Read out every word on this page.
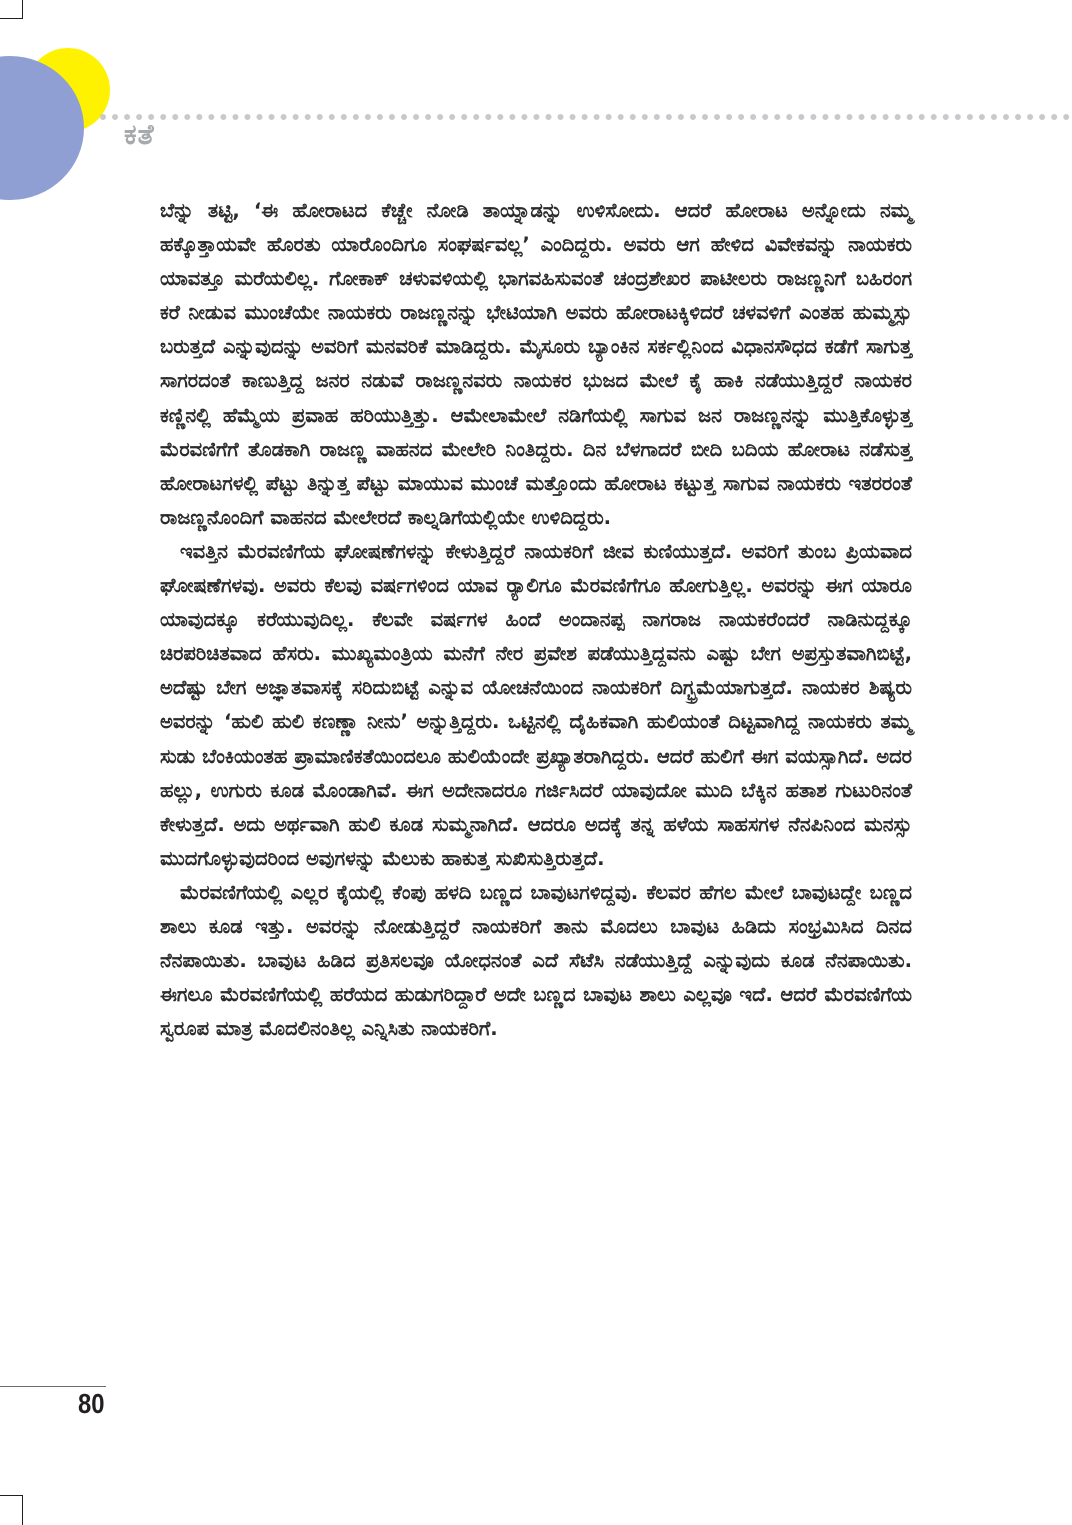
ಕತೆ

ಬೆನ್ನು ತಟ್ಟಿ, ‘ಈ ಹೋರಾಟದ ಕೆಚ್ಚೇ ನೋಡಿ ತಾಯ್ನಾಡನ್ನು ಉಳಿಸೋದು. ಆದರೆ ಹೋರಾಟ ಅನ್ನೋದು ನಮ್ಮ ಹಕ್ಕೊತ್ತಾಯವೇ ಹೊರತು ಯಾರೊಂದಿಗೂ ಸಂಘರ್ಷವಲ್ಲ’ ಎಂದಿದ್ದರು. ಅವರು ಆಗ ಹೇಳಿದ ವಿವೇಕವನ್ನು ನಾಯಕರು ಯಾವತ್ತೂ ಮರೆಯಲಿಲ್ಲ. ಗೋಕಾಕ್ ಚಳುವಳಿಯಲ್ಲಿ ಭಾಗವಹಿಸುವಂತೆ ಚಂದ್ರಶೇಖರ ಪಾಟೀಲರು ರಾಜಣ್ಣನಿಗೆ ಬಹಿರಂಗ ಕರೆ ನೀಡುವ ಮುಂಚೆಯೇ ನಾಯಕರು ರಾಜಣ್ಣನನ್ನು ಭೇಟಿಯಾಗಿ ಅವರು ಹೋರಾಟಕ್ಕಿಳಿದರೆ ಚಳವಳಿಗೆ ಎಂತಹ ಹುಮ್ಮಸ್ಸು ಬರುತ್ತದೆ ಎನ್ನುವುದನ್ನು ಅವರಿಗೆ ಮನವರಿಕೆ ಮಾಡಿದ್ದರು. ಮೈಸೂರು ಬ್ಯಾಂಕಿನ ಸರ್ಕಲ್ಲಿನಿಂದ ವಿಧಾನಸೌಧದ ಕಡೆಗೆ ಸಾಗುತ್ತ ಸಾಗರದಂತೆ ಕಾಣುತ್ತಿದ್ದ ಜನರ ನಡುವೆ ರಾಜಣ್ಣನವರು ನಾಯಕರ ಭುಜದ ಮೇಲೆ ಕೈ ಹಾಕಿ ನಡೆಯುತ್ತಿದ್ದರೆ ನಾಯಕರ ಕಣ್ಣಿನಲ್ಲಿ ಹೆಮ್ಮೆಯ ಪ್ರವಾಹ ಹರಿಯುತ್ತಿತ್ತು. ಆಮೇಲಾಮೇಲೆ ನಡಿಗೆಯಲ್ಲಿ ಸಾಗುವ ಜನ ರಾಜಣ್ಣನನ್ನು ಮುತ್ತಿಕೊಳ್ಳುತ್ತ ಮೆರವಣಿಗೆಗೆ ತೊಡಕಾಗಿ ರಾಜಣ್ಣ ವಾಹನದ ಮೇಲೇರಿ ನಿಂತಿದ್ದರು. ದಿನ ಬೆಳಗಾದರೆ ಬೀದಿ ಬದಿಯ ಹೋರಾಟ ನಡೆಸುತ್ತ ಹೋರಾಟಗಳಲ್ಲಿ ಪೆಟ್ಟು ತಿನ್ನುತ್ತ ಪೆಟ್ಟು ಮಾಯುವ ಮುಂಚೆ ಮತ್ತೊಂದು ಹೋರಾಟ ಕಟ್ಟುತ್ತ ಸಾಗುವ ನಾಯಕರು ಇತರರಂತೆ ರಾಜಣ್ಣನೊಂದಿಗೆ ವಾಹನದ ಮೇಲೇರದೆ ಕಾಲ್ನಡಿಗೆಯಲ್ಲಿಯೇ ಉಳಿದಿದ್ದರು.

ಇವತ್ತಿನ ಮೆರವಣಿಗೆಯ ಘೋಷಣೆಗಳನ್ನು ಕೇಳುತ್ತಿದ್ದರೆ ನಾಯಕರಿಗೆ ಜೀವ ಕುಣಿಯುತ್ತದೆ. ಅವರಿಗೆ ತುಂಬ ಪ್ರಿಯವಾದ ಘೋಷಣೆಗಳವು. ಅವರು ಕೆಲವು ವರ್ಷಗಳಿಂದ ಯಾವ ರ್‍ಯಾಲಿಗೂ ಮೆರವಣಿಗೆಗೂ ಹೋಗುತ್ತಿಲ್ಲ. ಅವರನ್ನು ಈಗ ಯಾರೂ ಯಾವುದಕ್ಕೂ ಕರೆಯುವುದಿಲ್ಲ. ಕೆಲವೇ ವರ್ಷಗಳ ಹಿಂದೆ ಅಂದಾನಪ್ಪ ನಾಗರಾಜ ನಾಯಕರೆಂದರೆ ನಾಡಿನುದ್ದಕ್ಕೂ ಚಿರಪರಿಚಿತವಾದ ಹೆಸರು. ಮುಖ್ಯಮಂತ್ರಿಯ ಮನೆಗೆ ನೇರ ಪ್ರವೇಶ ಪಡೆಯುತ್ತಿದ್ದವನು ಎಷ್ಟು ಬೇಗ ಅಪ್ರಸ್ತುತವಾಗಿಬಿಟ್ಟೆ, ಅದೆಷ್ಟು ಬೇಗ ಅಜ್ಞಾತವಾಸಕ್ಕೆ ಸರಿದುಬಿಟ್ಟೆ ಎನ್ನುವ ಯೋಚನೆಯಿಂದ ನಾಯಕರಿಗೆ ದಿಗ್ಭ್ರಮೆಯಾಗುತ್ತದೆ. ನಾಯಕರ ಶಿಷ್ಯರು ಅವರನ್ನು ‘ಹುಲಿ ಹುಲಿ ಕಣಣ್ಣಾ ನೀನು’ ಅನ್ನುತ್ತಿದ್ದರು. ಒಟ್ಟಿನಲ್ಲಿ ದೈಹಿಕವಾಗಿ ಹುಲಿಯಂತೆ ದಿಟ್ಟವಾಗಿದ್ದ ನಾಯಕರು ತಮ್ಮ ಸುಡು ಬೆಂಕಿಯಂತಹ ಪ್ರಾಮಾಣಿಕತೆಯಿಂದಲೂ ಹುಲಿಯೆಂದೇ ಪ್ರಖ್ಯಾತರಾಗಿದ್ದರು. ಆದರೆ ಹುಲಿಗೆ ಈಗ ವಯಸ್ಸಾಗಿದೆ. ಅದರ ಹಲ್ಲು, ಉಗುರು ಕೂಡ ಮೊಂಡಾಗಿವೆ. ಈಗ ಅದೇನಾದರೂ ಗರ್ಜಿಸಿದರೆ ಯಾವುದೋ ಮುದಿ ಬೆಕ್ಕಿನ ಹತಾಶ ಗುಟುರಿನಂತೆ ಕೇಳುತ್ತದೆ. ಅದು ಅರ್ಥವಾಗಿ ಹುಲಿ ಕೂಡ ಸುಮ್ಮನಾಗಿದೆ. ಆದರೂ ಅದಕ್ಕೆ ತನ್ನ ಹಳೆಯ ಸಾಹಸಗಳ ನೆನಪಿನಿಂದ ಮನಸ್ಸು ಮುದಗೊಳ್ಳುವುದರಿಂದ ಅವುಗಳನ್ನು ಮೆಲುಕು ಹಾಕುತ್ತ ಸುಖಿಸುತ್ತಿರುತ್ತದೆ.

ಮೆರವಣಿಗೆಯಲ್ಲಿ ಎಲ್ಲರ ಕೈಯಲ್ಲಿ ಕೆಂಪು ಹಳದಿ ಬಣ್ಣದ ಬಾವುಟಗಳಿದ್ದವು. ಕೆಲವರ ಹೆಗಲ ಮೇಲೆ ಬಾವುಟದ್ದೇ ಬಣ್ಣದ ಶಾಲು ಕೂಡ ಇತ್ತು. ಅವರನ್ನು ನೋಡುತ್ತಿದ್ದರೆ ನಾಯಕರಿಗೆ ತಾನು ಮೊದಲು ಬಾವುಟ ಹಿಡಿದು ಸಂಭ್ರಮಿಸಿದ ದಿನದ ನೆನಪಾಯಿತು. ಬಾವುಟ ಹಿಡಿದ ಪ್ರತಿಸಲವೂ ಯೋಧನಂತೆ ಎದೆ ಸೆಟೆಸಿ ನಡೆಯುತ್ತಿದ್ದೆ ಎನ್ನುವುದು ಕೂಡ ನೆನಪಾಯಿತು. ಈಗಲೂ ಮೆರವಣಿಗೆಯಲ್ಲಿ ಹರೆಯದ ಹುಡುಗರಿದ್ದಾರೆ ಅದೇ ಬಣ್ಣದ ಬಾವುಟ ಶಾಲು ಎಲ್ಲವೂ ಇದೆ. ಆದರೆ ಮೆರವಣಿಗೆಯ ಸ್ವರೂಪ ಮಾತ್ರ ಮೊದಲಿನಂತಿಲ್ಲ ಎನ್ನಿಸಿತು ನಾಯಕರಿಗೆ.

80
